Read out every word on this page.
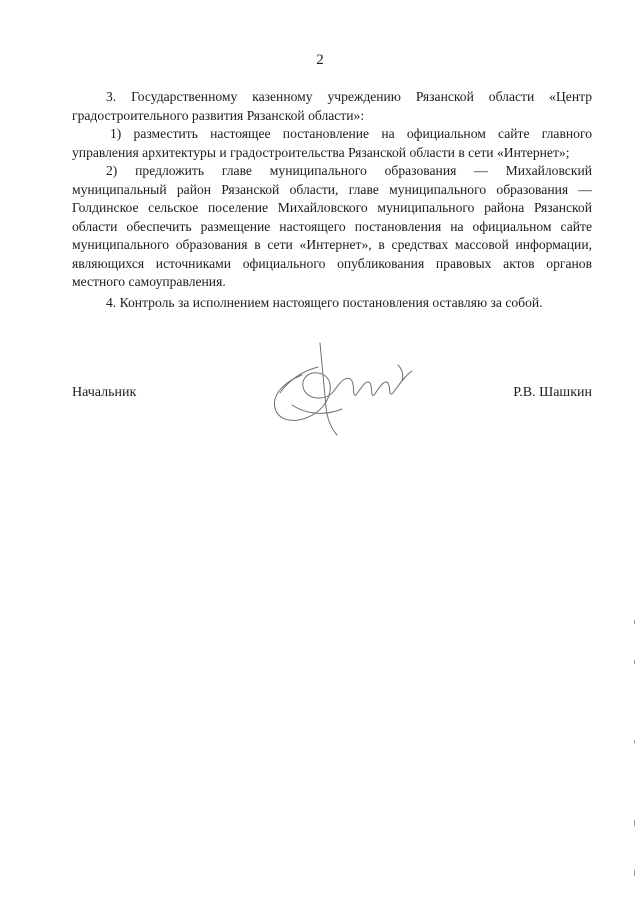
2

3. Государственному казенному учреждению Рязанской области «Центр градостроительного развития Рязанской области»:

1) разместить настоящее постановление на официальном сайте главного управления архитектуры и градостроительства Рязанской области в сети «Интернет»;

2) предложить главе муниципального образования — Михайловский муниципальный район Рязанской области, главе муниципального образования — Голдинское сельское поселение Михайловского муниципального района Рязанской области обеспечить размещение настоящего постановления на официальном сайте муниципального образования в сети «Интернет», в средствах массовой информации, являющихся источниками официального опубликования правовых актов органов местного самоуправления.

4. Контроль за исполнением настоящего постановления оставляю за собой.

Начальник	Р.В. Шашкин
